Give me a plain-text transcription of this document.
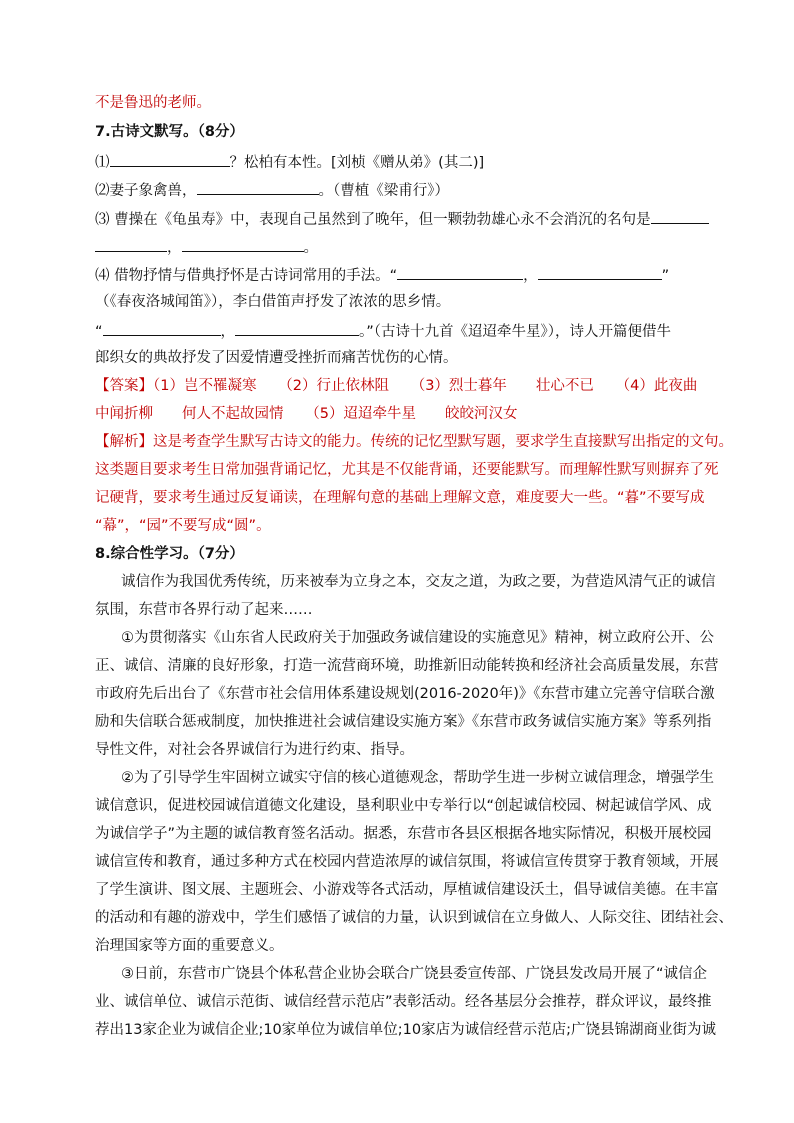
不是鲁迅的老师。
7.古诗文默写。（8分）
⑴	？松柏有本性。[刘桢《赠从弟》(其二)]
⑵妻子象禽兽，	。（曹植《梁甫行》）
⑶ 曹操在《龟虽寿》中，表现自己虽然到了晚年，但一颗勃勃雄心永不会消沉的名句是
，	。
⑷ 借物抒情与借典抒怀是古诗词常用的手法。“	，	”
（《春夜洛城闻笛》），李白借笛声抒发了浓浓的思乡情。
“	，	。”（古诗十九首《迢迢牵牛星》），诗人开篇便借牛
郎织女的典故抒发了因爱情遭受挫折而痛苦忧伤的心情。
【答案】（1）岂不罹凝寒　　（2）行止依林阻　　（3）烈士暮年　　壮心不已　　（4）此夜曲
中闻折柳　　何人不起故园情　　（5）迢迢牵牛星　　皎皎河汉女
【解析】这是考查学生默写古诗文的能力。传统的记忆型默写题，要求学生直接默写出指定的文句。
这类题目要求考生日常加强背诵记忆，尤其是不仅能背诵，还要能默写。而理解性默写则摒弃了死
记硬背，要求考生通过反复诵读，在理解句意的基础上理解文意，难度要大一些。“暮”不要写成
“幕”，“园”不要写成“圆”。
8.综合性学习。（7分）
诚信作为我国优秀传统，历来被奉为立身之本，交友之道，为政之要，为营造风清气正的诚信
氛围，东营市各界行动了起来……
①为贯彻落实《山东省人民政府关于加强政务诚信建设的实施意见》精神，树立政府公开、公
正、诚信、清廉的良好形象，打造一流营商环境，助推新旧动能转换和经济社会高质量发展，东营
市政府先后出台了《东营市社会信用体系建设规划(2016-2020年)》《东营市建立完善守信联合激
励和失信联合惩戒制度，加快推进社会诚信建设实施方案》《东营市政务诚信实施方案》等系列指
导性文件，对社会各界诚信行为进行约束、指导。
②为了引导学生牢固树立诚实守信的核心道德观念，帮助学生进一步树立诚信理念，增强学生
诚信意识，促进校园诚信道德文化建设，垦利职业中专举行以“创起诚信校园、树起诚信学风、成
为诚信学子”为主题的诚信教育签名活动。据悉，东营市各县区根据各地实际情况，积极开展校园
诚信宣传和教育，通过多种方式在校园内营造浓厚的诚信氛围，将诚信宣传贯穿于教育领域，开展
了学生演讲、图文展、主题班会、小游戏等各式活动，厚植诚信建设沃土，倡导诚信美德。在丰富
的活动和有趣的游戏中，学生们感悟了诚信的力量，认识到诚信在立身做人、人际交往、团结社会、
治理国家等方面的重要意义。
③日前，东营市广饶县个体私营企业协会联合广饶县委宣传部、广饶县发改局开展了“诚信企
业、诚信单位、诚信示范街、诚信经营示范店”表彰活动。经各基层分会推荐，群众评议，最终推
荐出13家企业为诚信企业;10家单位为诚信单位;10家店为诚信经营示范店;广饶县锦湖商业街为诚
